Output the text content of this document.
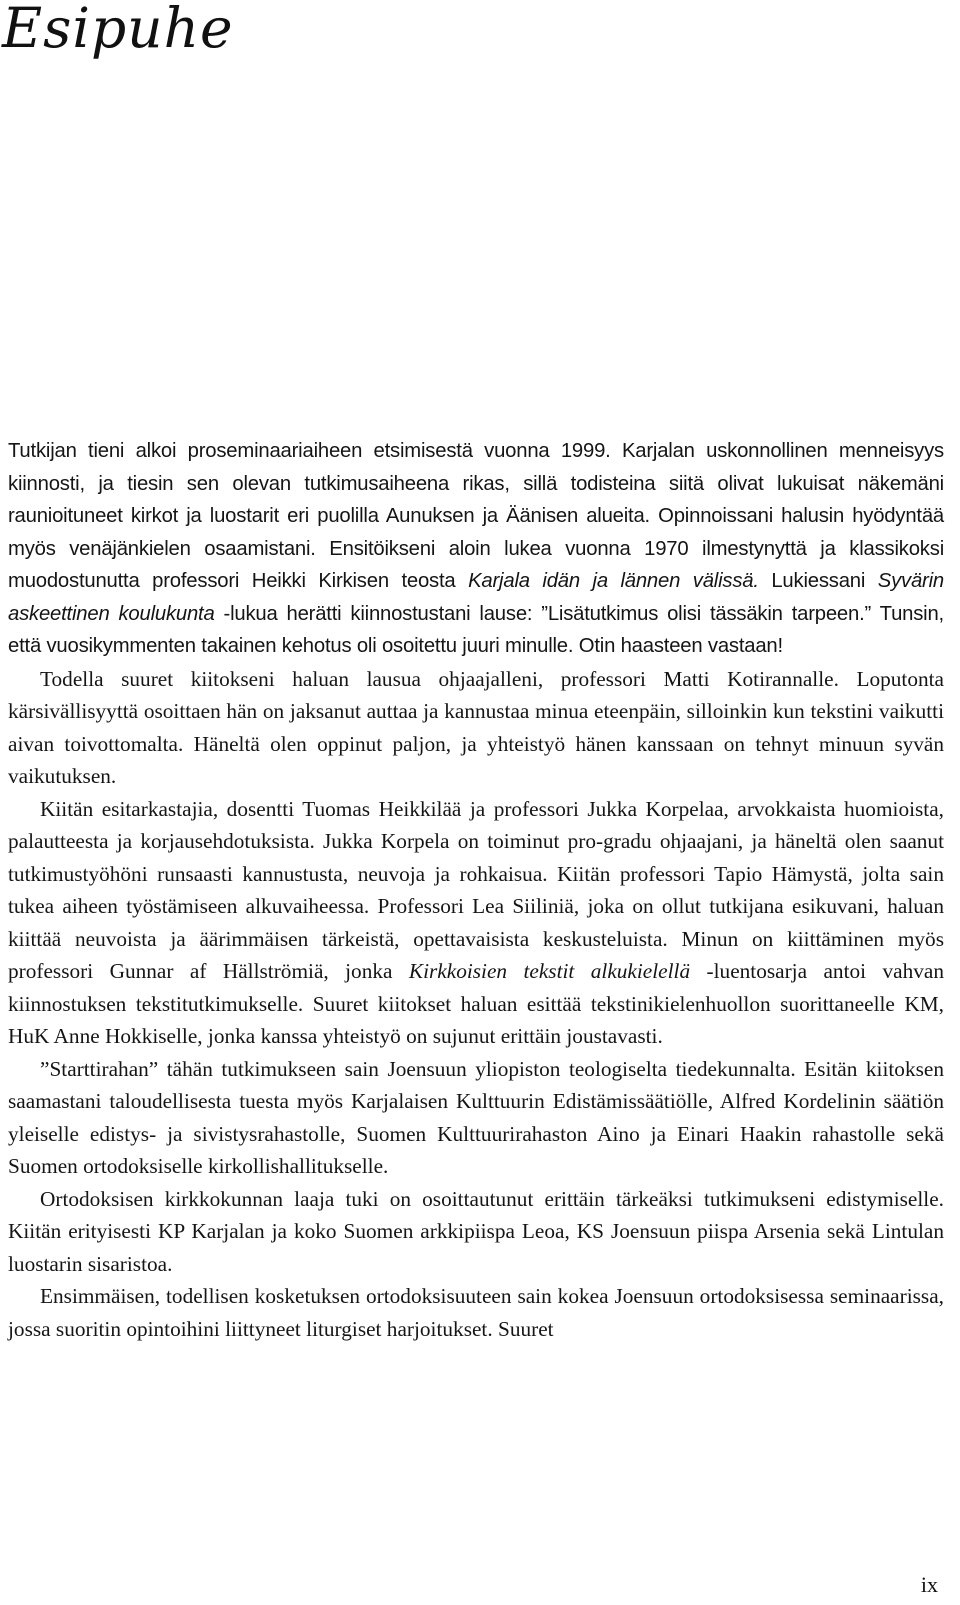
Esipuhe

Tutkijan tieni alkoi proseminaariaiheen etsimisestä vuonna 1999. Karjalan uskonnollinen menneisyys kiinnosti, ja tiesin sen olevan tutkimusaiheena rikas, sillä todisteina siitä olivat lukuisat näkemäni raunioituneet kirkot ja luostarit eri puolilla Aunuksen ja Äänisen alueita. Opinnoissani halusin hyödyntää myös venäjänkielen osaamistani. Ensitöikseni aloin lukea vuonna 1970 ilmestynyttä ja klassikoksi muodostunutta professori Heikki Kirkisen teosta Karjala idän ja lännen välissä. Lukiessani Syvärin askeettinen koulukunta -lukua herätti kiinnostustani lause: ”Lisätutkimus olisi tässäkin tarpeen.” Tunsin, että vuosikymmenten takainen kehotus oli osoitettu juuri minulle. Otin haasteen vastaan!

Todella suuret kiitokseni haluan lausua ohjaajalleni, professori Matti Kotirannalle. Loputonta kärsivällisyyttä osoittaen hän on jaksanut auttaa ja kannustaa minua eteenpäin, silloinkin kun tekstini vaikutti aivan toivottomalta. Häneltä olen oppinut paljon, ja yhteistyö hänen kanssaan on tehnyt minuun syvän vaikutuksen.

Kiitän esitarkastajia, dosentti Tuomas Heikkilää ja professori Jukka Korpelaa, arvokkaista huomioista, palautteesta ja korjausehdotuksista. Jukka Korpela on toiminut pro-gradu ohjaajani, ja häneltä olen saanut tutkimustyöhöni runsaasti kannustusta, neuvoja ja rohkaisua. Kiitän professori Tapio Hämystä, jolta sain tukea aiheen työstämiseen alkuvaiheessa. Professori Lea Siiliniä, joka on ollut tutkijana esikuvani, haluan kiittää neuvoista ja äärimmäisen tärkeistä, opettavaisista keskusteluista. Minun on kiittäminen myös professori Gunnar af Hällströmiä, jonka Kirkkoisien tekstit alkukielellä -luentosarja antoi vahvan kiinnostuksen tekstitutkimukselle. Suuret kiitokset haluan esittää tekstinikielenhuollon suorittaneelle KM, HuK Anne Hokkiselle, jonka kanssa yhteistyö on sujunut erittäin joustavasti.

”Starttirahan” tähän tutkimukseen sain Joensuun yliopiston teologiselta tiedekunnalta. Esitän kiitoksen saamastani taloudellisesta tuesta myös Karjalaisen Kulttuurin Edistämissäätiölle, Alfred Kordelinin säätiön yleiselle edistys- ja sivistysrahastolle, Suomen Kulttuurirahaston Aino ja Einari Haakin rahastolle sekä Suomen ortodoksiselle kirkollishallitukselle.

Ortodoksisen kirkkokunnan laaja tuki on osoittautunut erittäin tärkeäksi tutkimukseni edistymiselle. Kiitän erityisesti KP Karjalan ja koko Suomen arkkipiispa Leoa, KS Joensuun piispa Arsenia sekä Lintulan luostarin sisaristoa.

Ensimmäisen, todellisen kosketuksen ortodoksisuuteen sain kokea Joensuun ortodoksisessa seminaarissa, jossa suoritin opintoihini liittyneet liturgiset harjoitukset. Suuret

ix
